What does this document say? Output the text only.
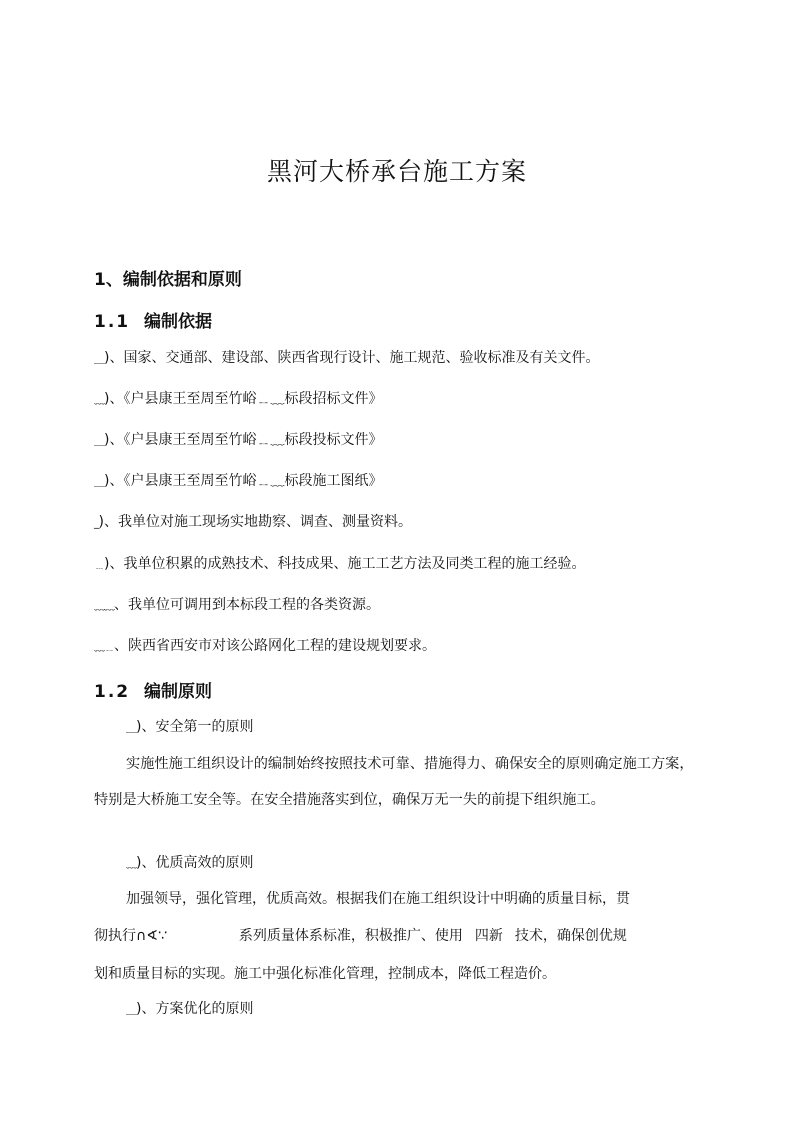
黑河大桥承台施工方案
1、编制依据和原则
1.1 编制依据
＿)、国家、交通部、建设部、陕西省现行设计、施工规范、验收标准及有关文件。
﹏)、《户县康王至周至竹峪﹎﹏标段招标文件》
＿)、《户县康王至周至竹峪﹎﹏标段投标文件》
＿)、《户县康王至周至竹峪﹎﹏标段施工图纸》
_)、我单位对施工现场实地勘察、调查、测量资料。
﹍)、我单位积累的成熟技术、科技成果、施工工艺方法及同类工程的施工经验。
﹏﹏、我单位可调用到本标段工程的各类资源。
﹏﹎、陕西省西安市对该公路网化工程的建设规划要求。
1.2 编制原则
＿)、安全第一的原则
实施性施工组织设计的编制始终按照技术可靠、措施得力、确保安全的原则确定施工方案，特别是大桥施工安全等。在安全措施落实到位，确保万无一失的前提下组织施工。
﹏)、优质高效的原则
加强领导，强化管理，优质高效。根据我们在施工组织设计中明确的质量目标，贯
彻执行∩∢∵	系列质量体系标准，积极推广、使用 四新 技术，确保创优规
划和质量目标的实现。施工中强化标准化管理，控制成本，降低工程造价。
＿)、方案优化的原则
